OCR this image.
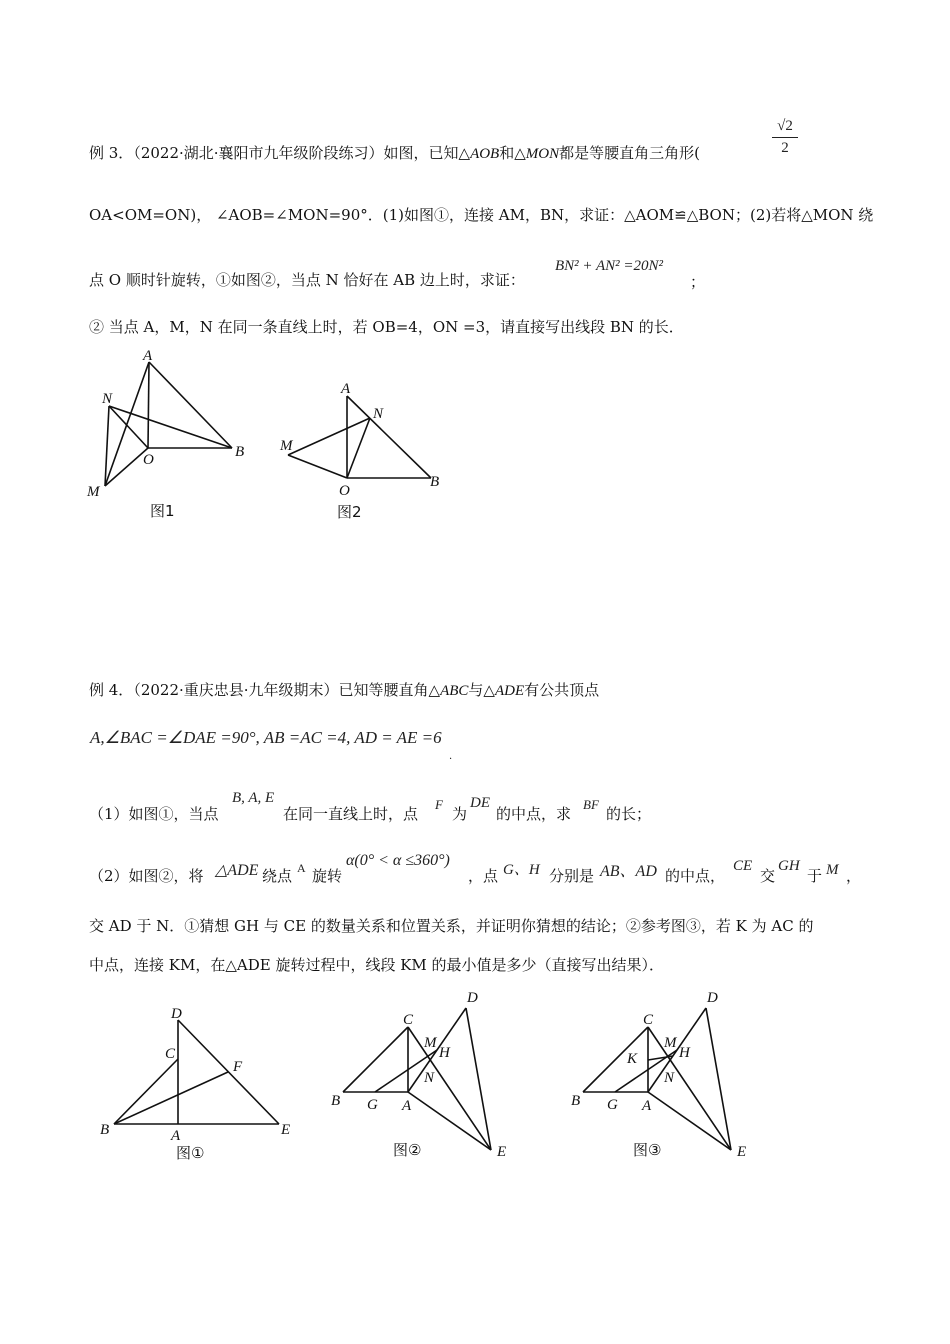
例 3．（2022·湖北·襄阳市九年级阶段练习）如图，已知△AOB和△MON都是等腰直角三角形(	$\frac{√2}{2}$
OA<OM=ON)， ∠AOB=∠MON=90°．(1)如图①，连接 AM，BN，求证：△AOM≌△BON；(2)若将△MON 绕
点 O 顺时针旋转，①如图②，当点 N 恰好在 AB 边上时，求证：
BN² + AN² =20N²
；
② 当点 A，M，N 在同一条直线上时，若 OB=4，ON =3，请直接写出线段 BN 的长．
A
N
O	B
M
图1
A
N
M
O
B
图2
例 4．（2022·重庆忠县·九年级期末）已知等腰直角△ABC与△ADE有公共顶点
A,∠BAC =∠DAE =90°, AB =AC =4, AD = AE =6
.
（1）如图①，当点
B, A, E
在同一直线上时，点
F
为
DE
的中点，求
BF
的长；
（2）如图②，将 △ADE 绕点 A 旋转
α(0° < α ≤360°)
，点 G、H 分别是 AB、AD 的中点，
CE
交
GH
于 M ，
交 AD 于 N．①猜想 GH 与 CE 的数量关系和位置关系，并证明你猜想的结论；②参考图③，若 K 为 AC 的
中点，连接 KM，在△ADE 旋转过程中，线段 KM 的最小值是多少（直接写出结果）．
D
C
F
B	A	E
图①
D
C
M
H
N
B G A
E
图②
D
C
M
H
K
N
B G A
E
图③
